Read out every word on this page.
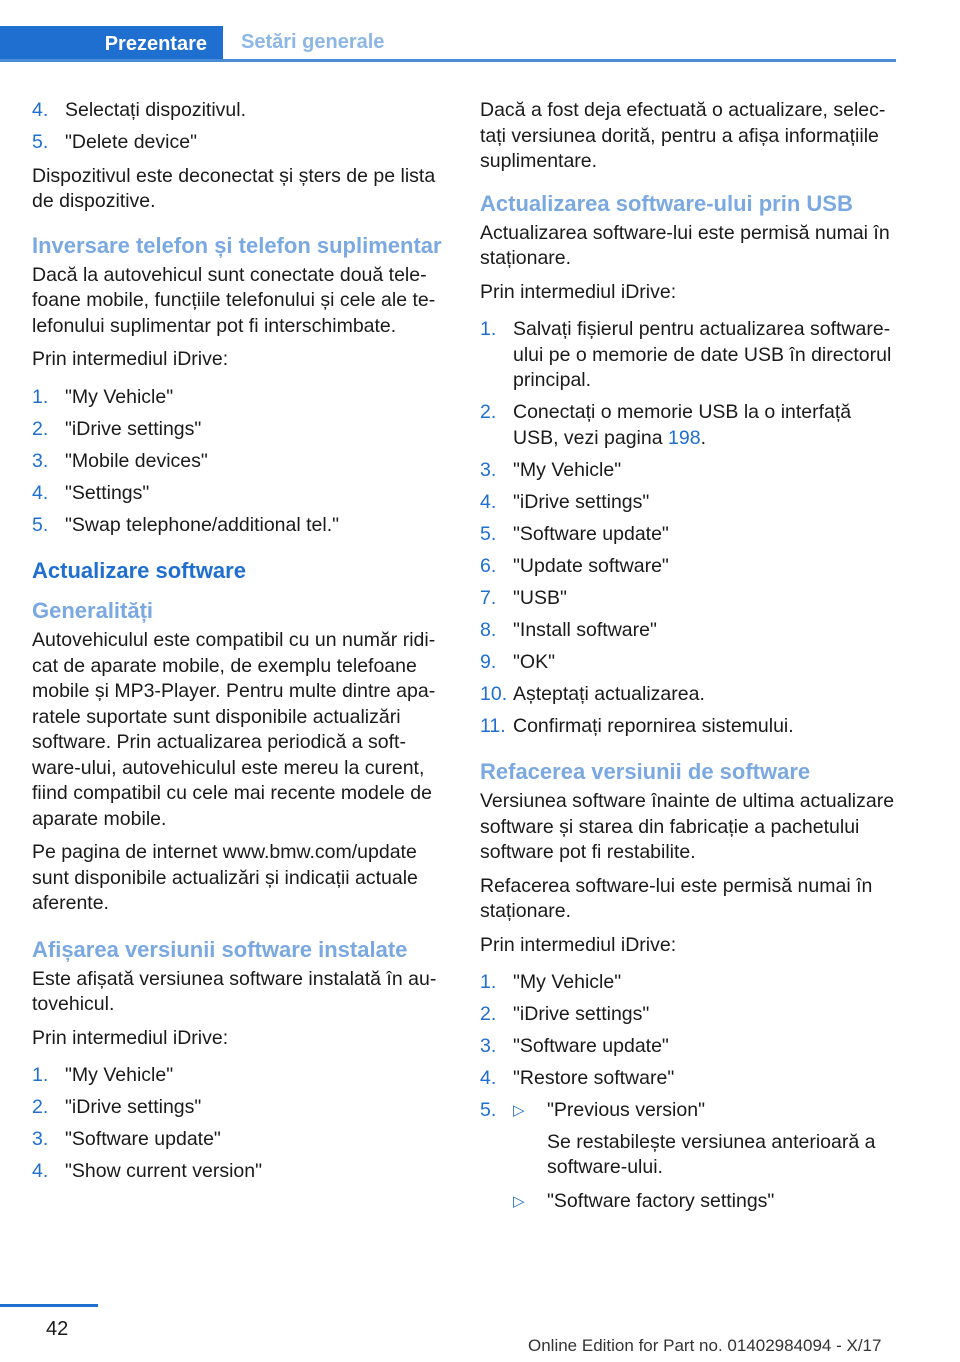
Prezentare	Setări generale
4. Selectați dispozitivul.
5. "Delete device"

Dispozitivul este deconectat și șters de pe lista de dispozitive.

Inversare telefon și telefon suplimentar

Dacă la autovehicul sunt conectate două telefoane mobile, funcțiile telefonului și cele ale telefonului suplimentar pot fi interschimbate.

Prin intermediul iDrive:

1. "My Vehicle"
2. "iDrive settings"
3. "Mobile devices"
4. "Settings"
5. "Swap telephone/additional tel."
Actualizare software
Generalități

Autovehiculul este compatibil cu un număr ridicat de aparate mobile, de exemplu telefoane mobile și MP3-Player. Pentru multe dintre aparatele suportate sunt disponibile actualizări software. Prin actualizarea periodică a software-ului, autovehiculul este mereu la curent, fiind compatibil cu cele mai recente modele de aparate mobile.

Pe pagina de internet www.bmw.com/update sunt disponibile actualizări și indicații actuale aferente.

Afișarea versiunii software instalate

Este afișată versiunea software instalată în autovehicul.

Prin intermediul iDrive:

1. "My Vehicle"
2. "iDrive settings"
3. "Software update"
4. "Show current version"

Dacă a fost deja efectuată o actualizare, selectați versiunea dorită, pentru a afișa informațiile suplimentare.

Actualizarea software-ului prin USB

Actualizarea software-lui este permisă numai în staționare.

Prin intermediul iDrive:

1. Salvați fișierul pentru actualizarea software-ului pe o memorie de date USB în directorul principal.
2. Conectați o memorie USB la o interfață USB, vezi pagina 198.
3. "My Vehicle"
4. "iDrive settings"
5. "Software update"
6. "Update software"
7. "USB"
8. "Install software"
9. "OK"
10. Așteptați actualizarea.
11. Confirmați repornirea sistemului.
Refacerea versiunii de software

Versiunea software înainte de ultima actualizare software și starea din fabricație a pachetului software pot fi restabilite.

Refacerea software-lui este permisă numai în staționare.

Prin intermediul iDrive:

1. "My Vehicle"
2. "iDrive settings"
3. "Software update"
4. "Restore software"
5. ▷ "Previous version"
Se restabilește versiunea anterioară a software-ului.
▷ "Software factory settings"
42
Online Edition for Part no. 01402984094 - X/17
